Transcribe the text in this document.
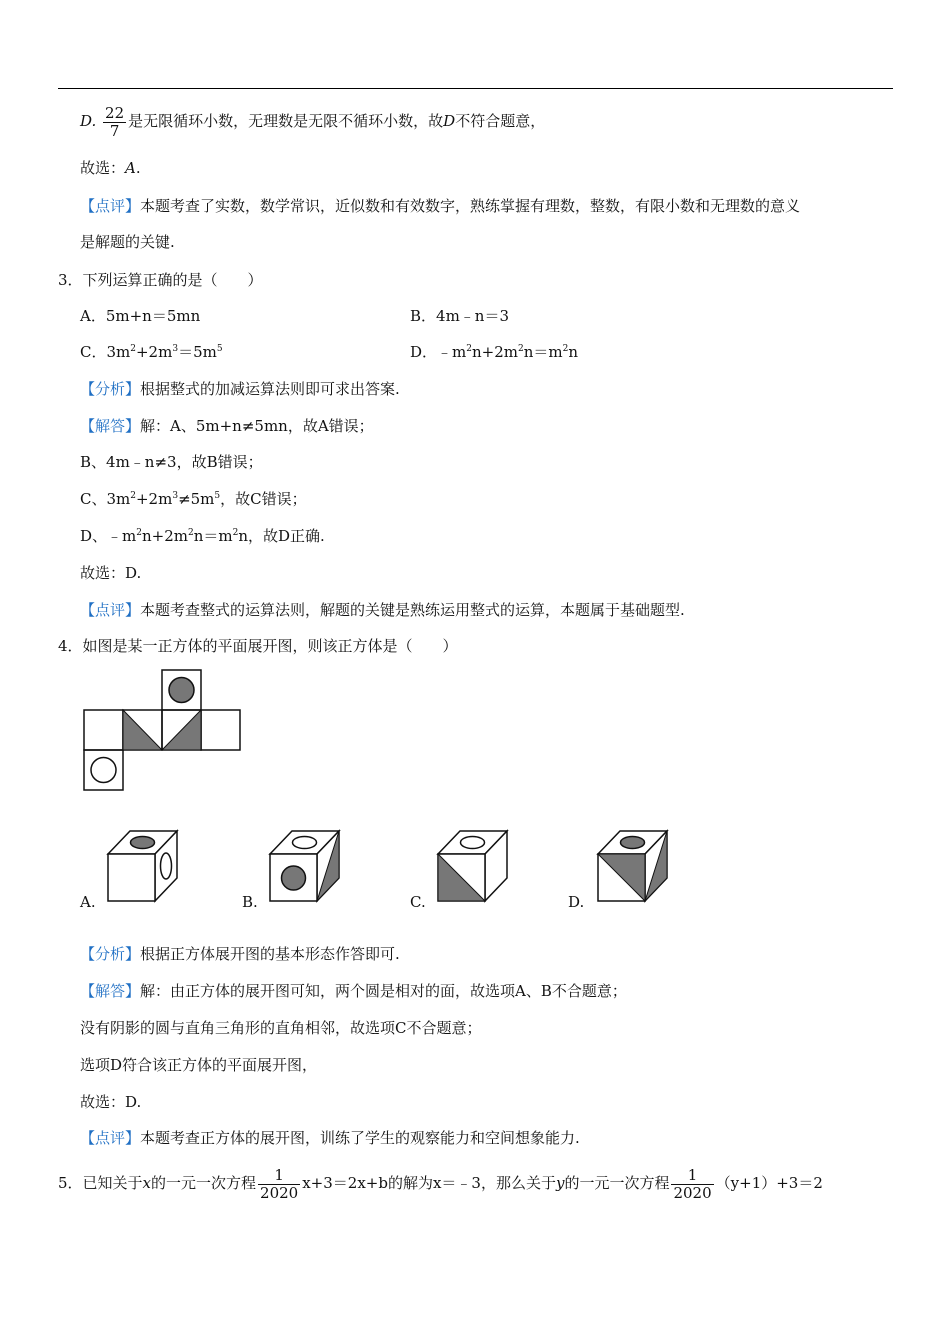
D. $\frac{22}{7}$ 是无限循环小数，无理数是无限不循环小数，故D不符合题意，
故选：A.
【点评】本题考查了实数，数学常识，近似数和有效数字，熟练掌握有理数，整数，有限小数和无理数的意义
是解题的关键.
3．下列运算正确的是（　　）
A．5m+n＝5mn	B．4m﹣n＝3
C．$3m^2+2m^3=5m^5$	D．$﹣m^2n+2m^2n=m^2n$
【分析】根据整式的加减运算法则即可求出答案.
【解答】解：A、5m+n≠5mn，故A错误；
B、4m﹣n≠3，故B错误；
C、$3m^2+2m^3\ne 5m^5$，故C错误；
D、$﹣m^2n+2m^2n=m^2n$，故D正确.
故选：D.
【点评】本题考查整式的运算法则，解题的关键是熟练运用整式的运算，本题属于基础题型.
4．如图是某一正方体的平面展开图，则该正方体是（　　）
A.	B.	C.	D.
【分析】根据正方体展开图的基本形态作答即可.
【解答】解：由正方体的展开图可知，两个圆是相对的面，故选项A、B不合题意；
没有阴影的圆与直角三角形的直角相邻，故选项C不合题意；
选项D符合该正方体的平面展开图，
故选：D.
【点评】本题考查正方体的展开图，训练了学生的观察能力和空间想象能力.
5．已知关于x的一元一次方程 $\frac{1}{2020} x+3=2x+b$的解为x＝﹣3，那么关于y的一元一次方程 $\frac{1}{2020} (y+1)+3=2$
